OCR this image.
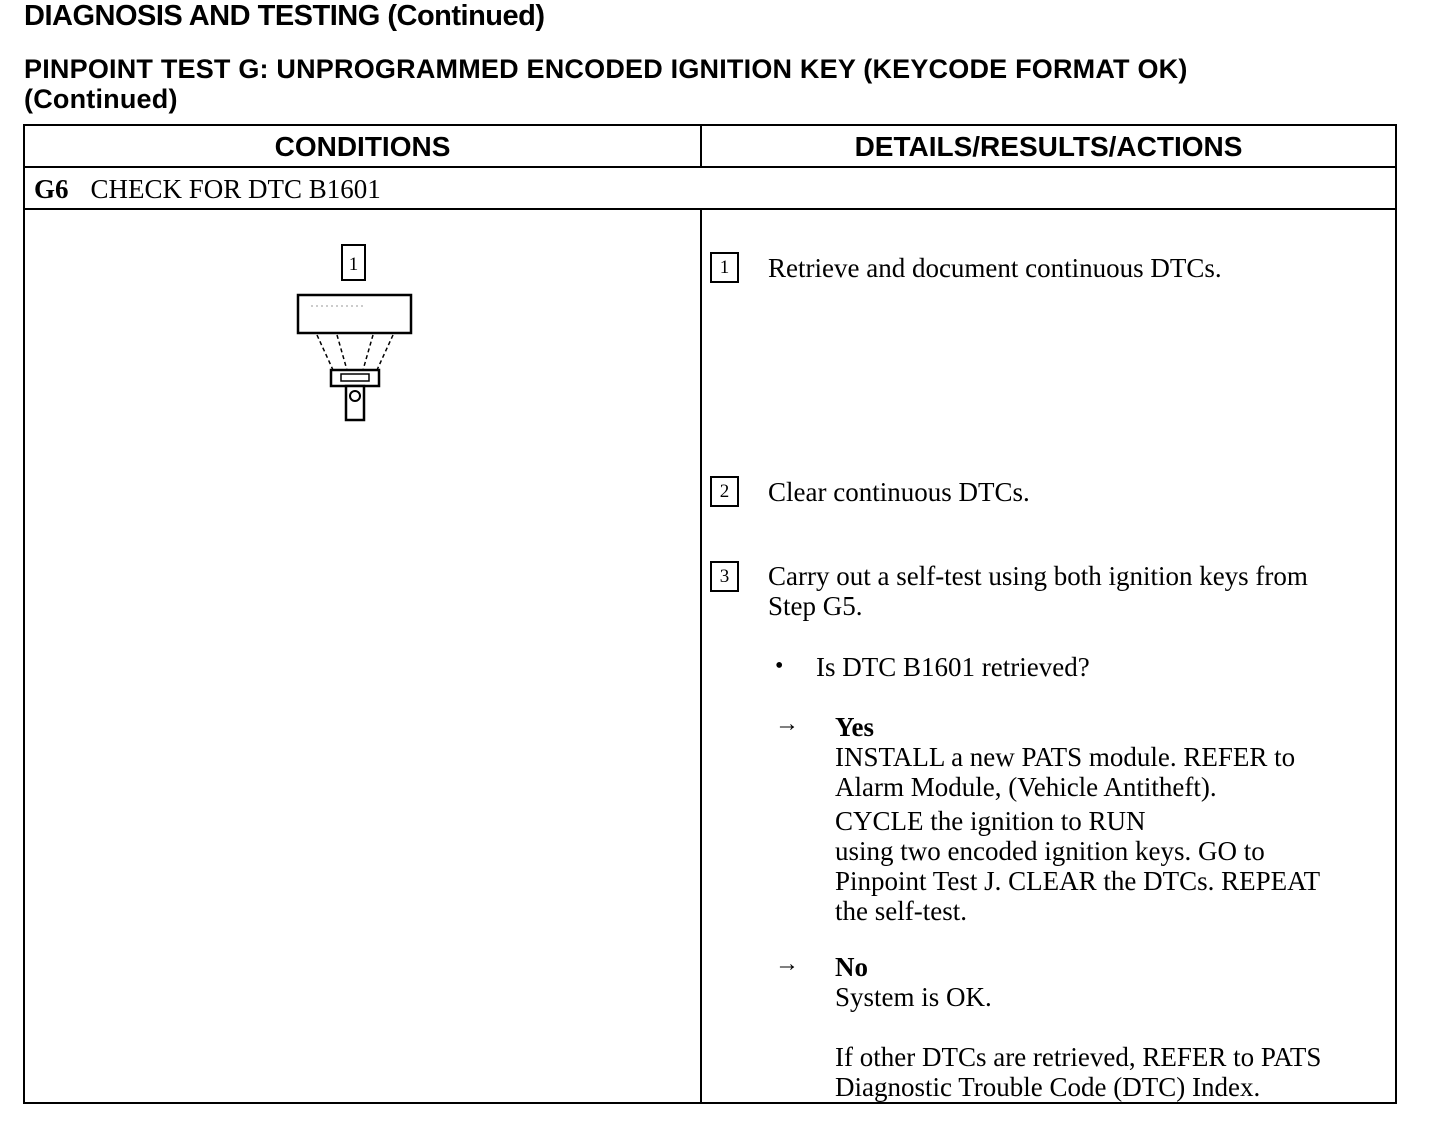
DIAGNOSIS AND TESTING (Continued)
PINPOINT TEST G: UNPROGRAMMED ENCODED IGNITION KEY (KEYCODE FORMAT OK)
(Continued)
CONDITIONS	DETAILS/RESULTS/ACTIONS
G6 CHECK FOR DTC B1601
1	1	Retrieve and document continuous DTCs.
2	Clear continuous DTCs.
3	Carry out a self-test using both ignition keys from
Step G5.
• Is DTC B1601 retrieved?
→ Yes
INSTALL a new PATS module. REFER to
Alarm Module, (Vehicle Antitheft).
CYCLE the ignition to RUN
using two encoded ignition keys. GO to
Pinpoint Test J. CLEAR the DTCs. REPEAT
the self-test.
→ No
System is OK.
If other DTCs are retrieved, REFER to PATS
Diagnostic Trouble Code (DTC) Index.
